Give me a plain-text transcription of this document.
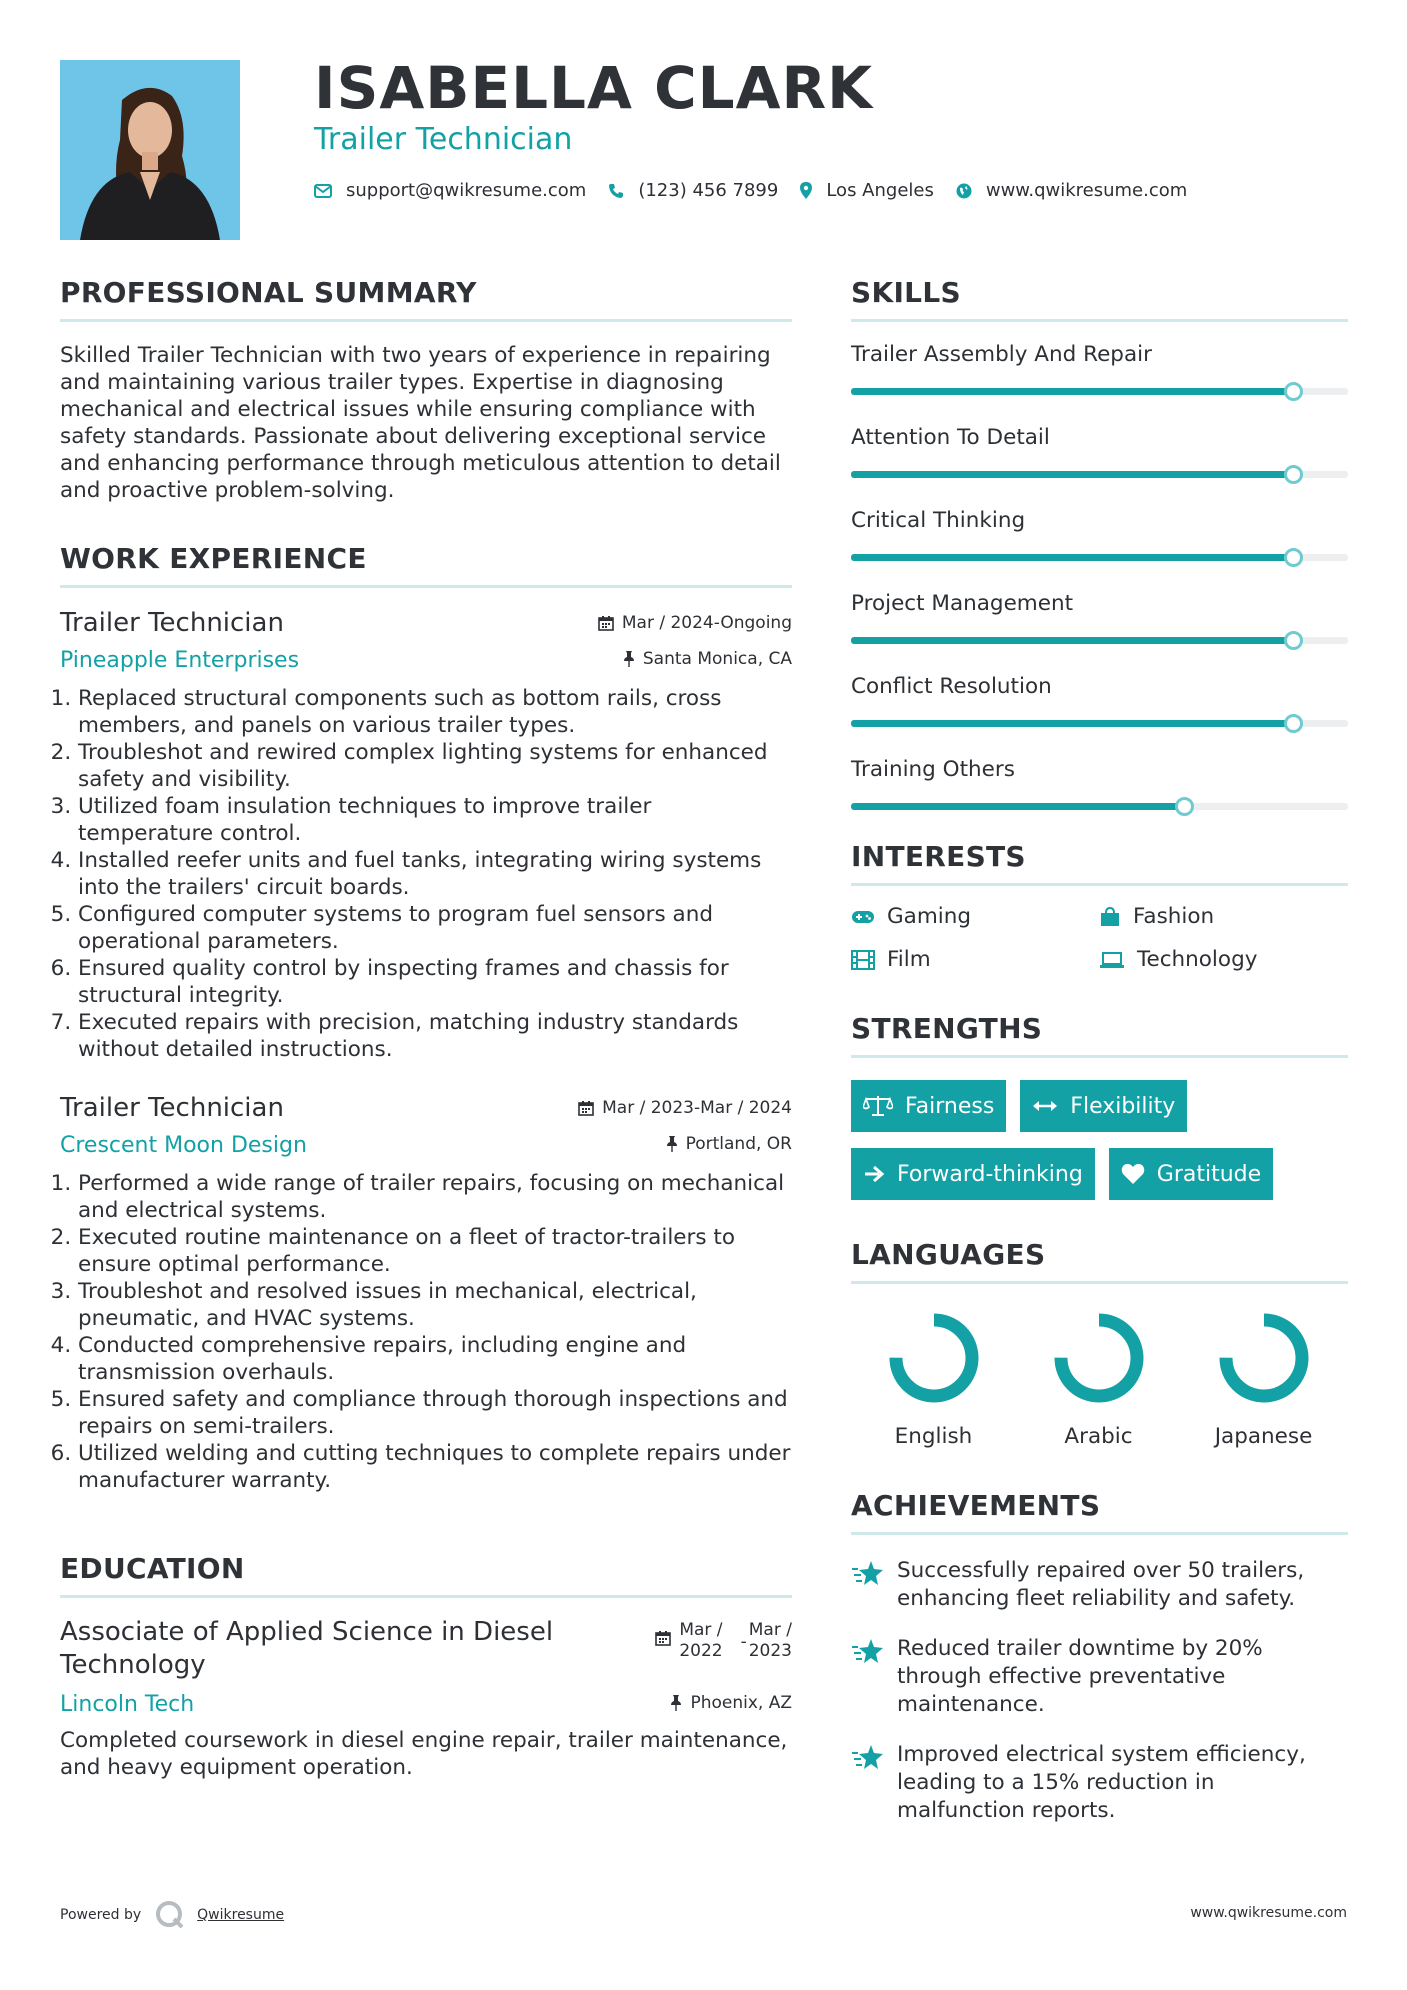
ISABELLA CLARK
Trailer Technician
support@qwikresume.com	(123) 456 7899	Los Angeles	www.qwikresume.com
PROFESSIONAL SUMMARY
Skilled Trailer Technician with two years of experience in repairing and maintaining various trailer types. Expertise in diagnosing mechanical and electrical issues while ensuring compliance with safety standards. Passionate about delivering exceptional service and enhancing performance through meticulous attention to detail and proactive problem-solving.
WORK EXPERIENCE
Trailer Technician	Mar / 2024-Ongoing
Pineapple Enterprises	Santa Monica, CA
1. Replaced structural components such as bottom rails, cross members, and panels on various trailer types.
2. Troubleshot and rewired complex lighting systems for enhanced safety and visibility.
3. Utilized foam insulation techniques to improve trailer temperature control.
4. Installed reefer units and fuel tanks, integrating wiring systems into the trailers' circuit boards.
5. Configured computer systems to program fuel sensors and operational parameters.
6. Ensured quality control by inspecting frames and chassis for structural integrity.
7. Executed repairs with precision, matching industry standards without detailed instructions.
Trailer Technician	Mar / 2023-Mar / 2024
Crescent Moon Design	Portland, OR
1. Performed a wide range of trailer repairs, focusing on mechanical and electrical systems.
2. Executed routine maintenance on a fleet of tractor-trailers to ensure optimal performance.
3. Troubleshot and resolved issues in mechanical, electrical, pneumatic, and HVAC systems.
4. Conducted comprehensive repairs, including engine and transmission overhauls.
5. Ensured safety and compliance through thorough inspections and repairs on semi-trailers.
6. Utilized welding and cutting techniques to complete repairs under manufacturer warranty.
EDUCATION
Associate of Applied Science in Diesel Technology
Mar /
2022 -
Mar /
2023
Lincoln Tech	Phoenix, AZ
Completed coursework in diesel engine repair, trailer maintenance, and heavy equipment operation.
SKILLS
Trailer Assembly And Repair
Attention To Detail
Critical Thinking
Project Management
Conflict Resolution
Training Others
INTERESTS
Gaming	Fashion
Film	Technology
STRENGTHS
Fairness	Flexibility
Forward-thinking	Gratitude
LANGUAGES
English	Arabic	Japanese
ACHIEVEMENTS
Successfully repaired over 50 trailers, enhancing fleet reliability and safety.
Reduced trailer downtime by 20% through effective preventative maintenance.
Improved electrical system efficiency, leading to a 15% reduction in malfunction reports.
Powered by	Qwikresume	www.qwikresume.com
